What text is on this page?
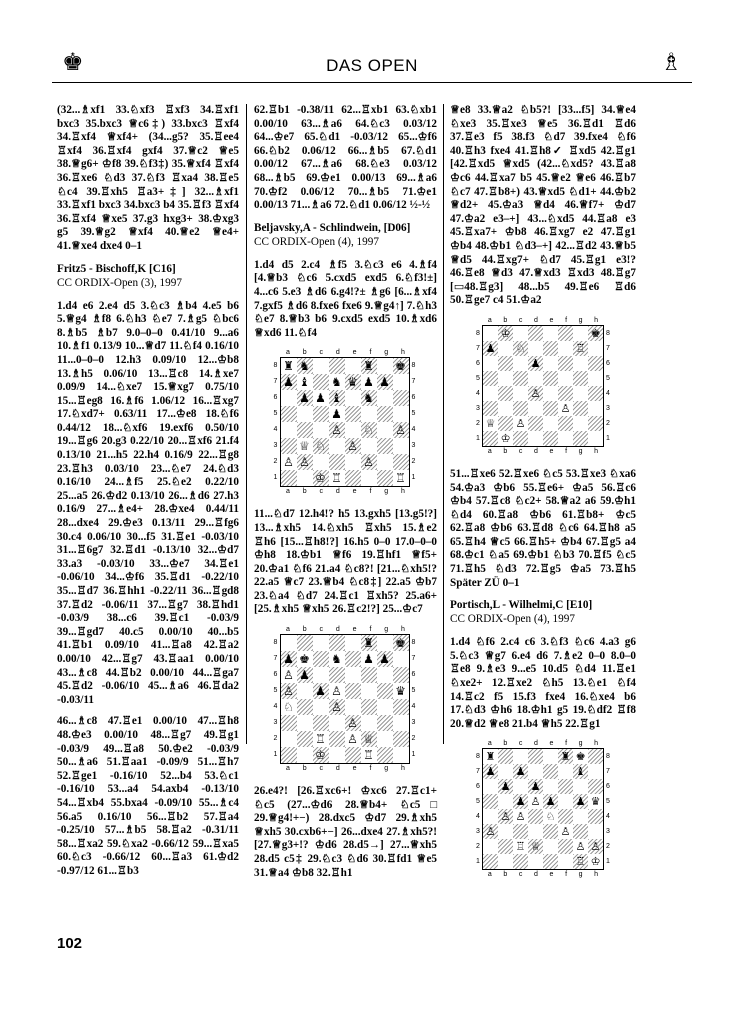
♚	DAS OPEN	♗

(32...♗xf1 33.♘xf3 ♖xf3 34.♖xf1 bxc3 35.bxc3 ♕c6‡) 33.bxc3 ♖xf4 34.♖xf4 ♕xf4+ (34...g5? 35.♖ee4 ♖xf4 36.♖xf4 gxf4 37.♕c2 ♕e5 38.♕g6+ ♔f8 39.♘f3‡) 35.♕xf4 ♖xf4 36.♖xe6 ♘d3 37.♘f3 ♖xa4 38.♖e5 ♘c4 39.♖xh5 ♖a3+‡] 32...♗xf1 33.♖xf1 bxc3 34.bxc3 b4 35.♖f3 ♖xf4 36.♖xf4 ♕xe5 37.g3 hxg3+ 38.♔xg3 g5 39.♕g2 ♕xf4 40.♕e2 ♕e4+ 41.♕xe4 dxe4 0–1

Fritz5 - Bischoff,K [C16]
CC ORDIX-Open (3), 1997

1.d4 e6 2.e4 d5 3.♘c3 ♗b4 4.e5 b6 5.♕g4 ♗f8 6.♘h3 ♘e7 7.♗g5 ♘bc6 8.♗b5 ♗b7 9.0–0–0 0.41/10 9...a6 10.♗f1 0.13/9 10...♕d7 11.♘f4 0.16/10 11...0–0–0 12.h3 0.09/10 12...♔b8 13.♗h5 0.06/10 13...♖c8 14.♗xe7 0.09/9 14...♘xe7 15.♕xg7 0.75/10 15...♖eg8 16.♗f6 1.06/12 16...♖xg7 17.♘xd7+ 0.63/11 17...♔e8 18.♘f6 0.44/12 18...♘xf6 19.exf6 0.50/10 19...♖g6 20.g3 0.22/10 20...♖xf6 21.f4 0.13/10 21...h5 22.h4 0.16/9 22...♖g8 23.♖h3 0.03/10 23...♘e7 24.♘d3 0.16/10 24...♗f5 25.♘e2 0.22/10 25...a5 26.♔d2 0.13/10 26...♗d6 27.h3 0.16/9 27...♗e4+ 28.♔xe4 0.44/11 28...dxe4 29.♔e3 0.13/11 29...♖fg6 30.c4 0.06/10 30...f5 31.♖e1 -0.03/10 31...♖6g7 32.♖d1 -0.13/10 32...♔d7 33.a3 -0.03/10 33...♔e7 34.♖e1 -0.06/10 34...♔f6 35.♖d1 -0.22/10 35...♖d7 36.♖hh1 -0.22/11 36...♖gd8 37.♖d2 -0.06/11 37...♖g7 38.♖hd1 -0.03/9 38...c6 39.♖c1 -0.03/9 39...♖gd7 40.c5 0.00/10 40...b5 41.♖b1 0.09/10 41...♖a8 42.♖a2 0.00/10 42...♖g7 43.♖aa1 0.00/10 43...♗c8 44.♖b2 0.00/10 44...♖ga7 45.♖d2 -0.06/10 45...♗a6 46.♖da2 -0.03/11

46...♗c8 47.♖e1 0.00/10 47...♖h8 48.♔e3 0.00/10 48...♖g7 49.♖g1 -0.03/9 49...♖a8 50.♔e2 -0.03/9 50...♗a6 51.♖aa1 -0.09/9 51...♖h7 52.♖ge1 -0.16/10 52...b4 53.♘c1 -0.16/10 53...a4 54.axb4 -0.13/10 54...♖xb4 55.bxa4 -0.09/10 55...♗c4 56.a5 0.16/10 56...♖b2 57.♖a4 -0.25/10 57...♗b5 58.♖a2 -0.31/11 58...♖xa2 59.♘xa2 -0.66/12 59...♖xa5 60.♘c3 -0.66/12 60...♖a3 61.♔d2 -0.97/12 61...♖b3

62.♖b1 -0.38/11 62...♖xb1 63.♘xb1 0.00/10 63...♗a6 64.♘c3 0.03/12 64...♔e7 65.♘d1 -0.03/12 65...♔f6 66.♘b2 0.06/12 66...♗b5 67.♘d1 0.00/12 67...♗a6 68.♘e3 0.03/12 68...♗b5 69.♔e1 0.00/13 69...♗a6 70.♔f2 0.06/12 70...♗b5 71.♔e1 0.00/13 71...♗a6 72.♘d1 0.06/12 ½-½

Beljavsky,A - Schlindwein, [D06]
CC ORDIX-Open (4), 1997

1.d4 d5 2.c4 ♗f5 3.♘c3 e6 4.♗f4 [4.♕b3 ♘c6 5.cxd5 exd5 6.♘f3!±] 4...c6 5.e3 ♗d6 6.g4!?± ♗g6 [6...♗xf4 7.gxf5 ♗d6 8.fxe6 fxe6 9.♕g4↑] 7.♘h3 ♘e7 8.♕b3 b6 9.cxd5 exd5 10.♗xd6 ♕xd6 11.♘f4

a b c d e f g h
8
7
6
5
4
3
2
1
♜ ♞	♜ ♚
♟ ♝ ♞ ♛ ♟ ♟
♟ ♟ ♝ ♞
♟
♙ ♘ ♙
♕ ♘ ♙
♙ ♙	♙
♔ ♖	♖
8
7
6
5
4
3
2
1
a b c d e f g h

11...♘d7 12.h4!? h5 13.gxh5 [13.g5!?] 13...♗xh5 14.♘xh5 ♖xh5 15.♗e2 ♖h6 [15...♖h8!?] 16.h5 0–0 17.0–0–0 ♔h8 18.♔b1 ♕f6 19.♖hf1 ♕f5+ 20.♔a1 ♘f6 21.a4 ♘c8?! [21...♘xh5!? 22.a5 ♕c7 23.♕b4 ♘c8‡] 22.a5 ♔b7 23.♘a4 ♘d7 24.♖c1 ♖xh5? 25.a6+ [25.♗xh5 ♕xh5 26.♖c2!?] 25...♔c7

a b c d e f g h
8
7
6
5
4
3
2
1
♜ ♚
♟ ♚ ♞ ♟ ♟
♙ ♟
♙ ♟ ♙	♛
♘	♙
♙
♖ ♙ ♕
♔	♖
8
7
6
5
4
3
2
1
a b c d e f g h

26.e4?! [26.♖xc6+! ♔xc6 27.♖c1+ ♘c5 (27...♔d6 28.♕b4+ ♘c5□ 29.♕g4!+−) 28.dxc5 ♔d7 29.♗xh5 ♕xh5 30.cxb6+−] 26...dxe4 27.♗xh5?! [27.♕g3+!? ♔d6 28.d5→] 27...♕xh5 28.d5 c5‡ 29.♘c3 ♘d6 30.♖fd1 ♕e5 31.♕a4 ♔b8 32.♖h1

♕e8 33.♕a2 ♘b5?! [33...f5] 34.♕e4 ♘xe3 35.♖xe3 ♕e5 36.♖d1 ♖d6 37.♖e3 f5 38.f3 ♘d7 39.fxe4 ♘f6 40.♖h3 fxe4 41.♖h8✓ ♖xd5 42.♖g1 [42.♖xd5 ♕xd5 (42...♘xd5? 43.♖a8 ♔c6 44.♖xa7 b5 45.♕e2 ♕e6 46.♖b7 ♘c7 47.♖b8+) 43.♕xd5 ♘d1+ 44.♔b2 ♕d2+ 45.♔a3 ♕d4 46.♕f7+ ♔d7 47.♔a2 e3–+] 43...♘xd5 44.♖a8 e3 45.♖xa7+ ♔b8 46.♖xg7 e2 47.♖g1 ♔b4 48.♔b1 ♘d3–+] 42...♖d2 43.♕b5 ♕d5 44.♖xg7+ ♘d7 45.♖g1 e3!? 46.♖e8 ♕d3 47.♕xd3 ♖xd3 48.♖g7 [▭48.♖g3] 48...b5 49.♖e6 ♖d6 50.♖ge7 c4 51.♔a2

a b c d e f g h
8
7
6
5
4
3
2
1
♔	♚
♟ ♘	♖
♟
♙
♙
♕ ♙
♔
8
7
6
5
4
3
2
1
a b c d e f g h

51...♖xe6 52.♖xe6 ♘c5 53.♖xe3 ♘xa6 54.♔a3 ♔b6 55.♖e6+ ♔a5 56.♖c6 ♔b4 57.♖c8 ♘c2+ 58.♕a2 a6 59.♔h1 ♘d4 60.♖a8 ♔b6 61.♖b8+ ♔c5 62.♖a8 ♔b6 63.♖d8 ♘c6 64.♖h8 a5 65.♖h4 ♕c5 66.♖h5+ ♔b4 67.♖g5 a4 68.♔c1 ♘a5 69.♔b1 ♘b3 70.♖f5 ♘c5 71.♖h5 ♘d3 72.♖g5 ♔a5 73.♖h5 Später ZÜ 0–1

Portisch,L - Wilhelmi,C [E10]
CC ORDIX-Open (4), 1997

1.d4 ♘f6 2.c4 c6 3.♘f3 ♘c6 4.a3 g6 5.♘c3 ♕g7 6.e4 d6 7.♗e2 0–0 8.0–0 ♖e8 9.♗e3 9...e5 10.d5 ♘d4 11.♖e1 ♘xe2+ 12.♖xe2 ♘h5 13.♘e1 ♘f4 14.♖c2 f5 15.f3 fxe4 16.♘xe4 b6 17.♘d3 ♔h6 18.♔h1 g5 19.♘df2 ♖f8 20.♕d2 ♕e8 21.b4 ♕h5 22.♖g1

a b c d e f g h
8
7
6
5
4
3
2
1
♜	♜ ♚
♟ ♟	♝
♟ ♟
♟ ♙ ♟ ♟ ♛
♙ ♙ ♘
♙	♙
♖ ♕	♙ ♙
♖ ♔
8
7
6
5
4
3
2
1
a b c d e f g h
102
